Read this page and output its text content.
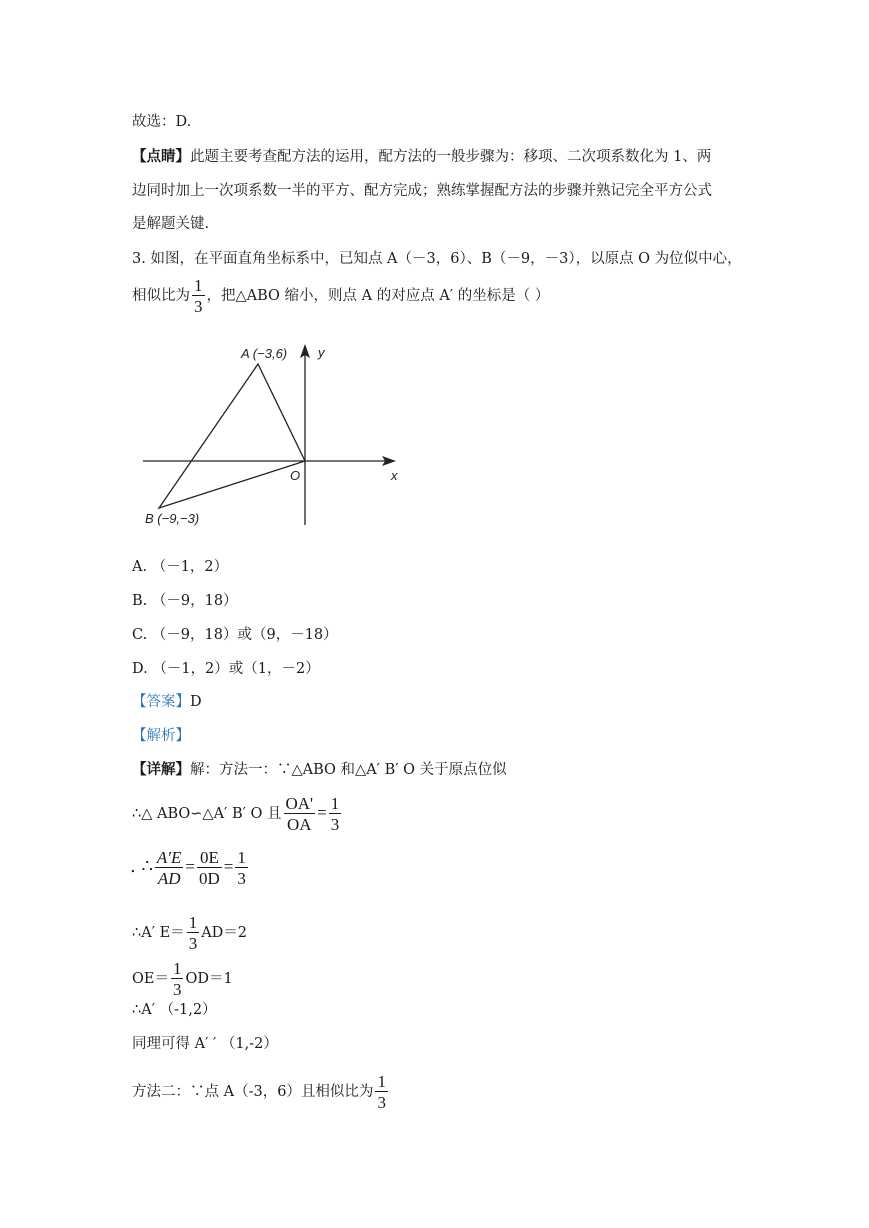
故选：D.
【点睛】此题主要考查配方法的运用，配方法的一般步骤为：移项、二次项系数化为 1、两
边同时加上一次项系数一半的平方、配方完成；熟练掌握配方法的步骤并熟记完全平方公式
是解题关键.
3. 如图，在平面直角坐标系中，已知点 A（－3，6）、B（－9，－3），以原点 O 为位似中心，
相似比为 $\frac{1}{3}$ ，把△ABO 缩小，则点 A 的对应点 A′ 的坐标是（ ）
A (−3,6)
B (−9,−3)
O	x
y
A. （－1，2）
B. （－9，18）
C. （－9，18）或（9，－18）
D. （－1，2）或（1，－2）
【答案】D
【解析】
【详解】解：方法一：∵△ABO 和△A′ B′ O 关于原点位似
∴△ ABO∽△A′ B′ O 且 $\frac{OA'}{OA} = \frac{1}{3}$
. ∴ $\frac{A'E}{AD} = \frac{0E}{0D} = \frac{1}{3}$
∴A′ $E= \frac{1}{3} AD=2$
$OE= \frac{1}{3} OD=1$
∴A′ （-1,2）
同理可得 A′ ′ （1,-2）
方法二：∵点 A（-3，6）且相似比为 $\frac{1}{3}$
